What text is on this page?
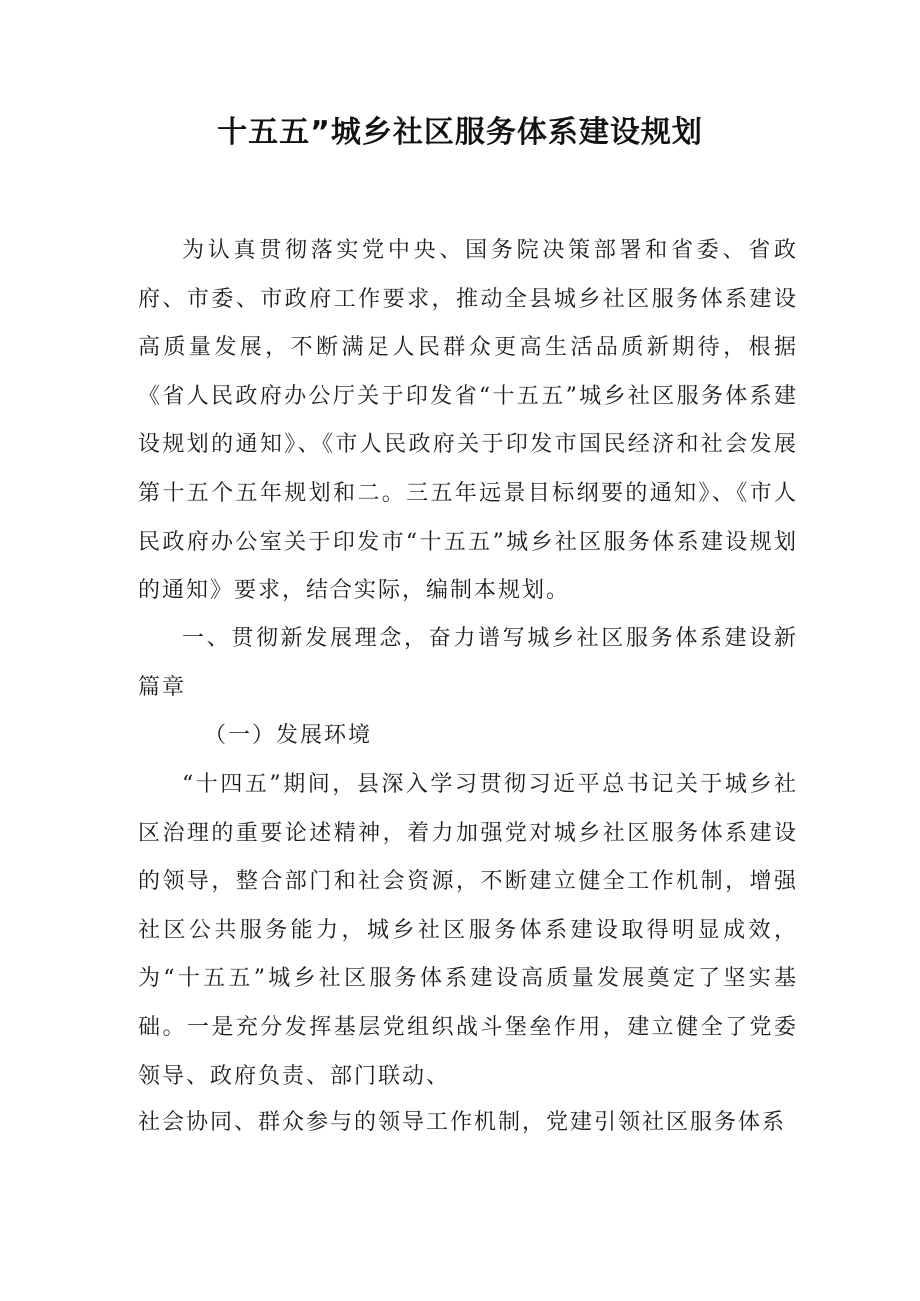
十五五”城乡社区服务体系建设规划

为认真贯彻落实党中央、国务院决策部署和省委、省政府、市委、市政府工作要求，推动全县城乡社区服务体系建设高质量发展，不断满足人民群众更高生活品质新期待，根据《省人民政府办公厅关于印发省“十五五”城乡社区服务体系建设规划的通知》、《市人民政府关于印发市国民经济和社会发展第十五个五年规划和二。三五年远景目标纲要的通知》、《市人民政府办公室关于印发市“十五五”城乡社区服务体系建设规划的通知》要求，结合实际，编制本规划。

一、贯彻新发展理念，奋力谱写城乡社区服务体系建设新篇章

（一）发展环境

“十四五”期间，县深入学习贯彻习近平总书记关于城乡社区治理的重要论述精神，着力加强党对城乡社区服务体系建设的领导，整合部门和社会资源，不断建立健全工作机制，增强社区公共服务能力，城乡社区服务体系建设取得明显成效，为“十五五”城乡社区服务体系建设高质量发展奠定了坚实基础。一是充分发挥基层党组织战斗堡垒作用，建立健全了党委领导、政府负责、部门联动、

社会协同、群众参与的领导工作机制，党建引领社区服务体系
